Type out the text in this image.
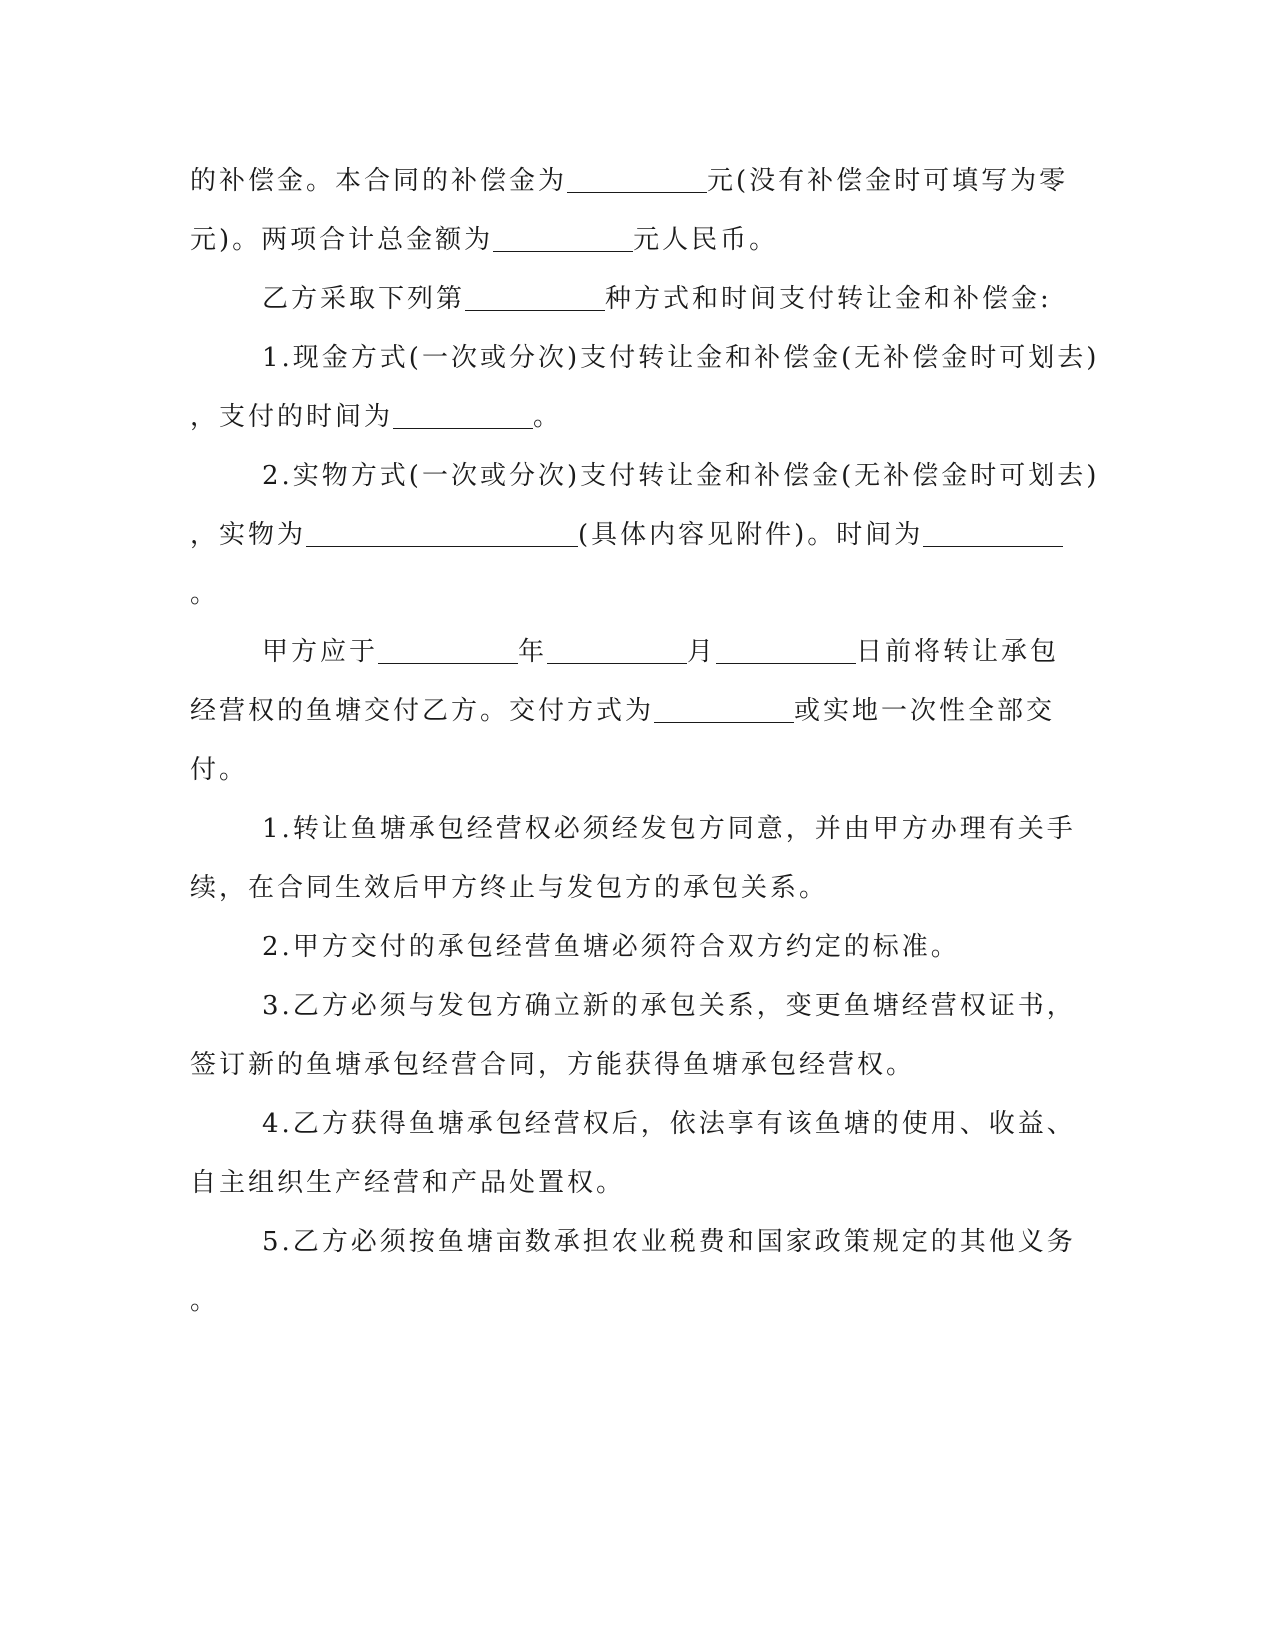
的补偿金。本合同的补偿金为	元(没有补偿金时可填写为零
元)。两项合计总金额为	元人民币。
乙方采取下列第	种方式和时间支付转让金和补偿金:
1.现金方式(一次或分次)支付转让金和补偿金(无补偿金时可划去)
，支付的时间为	。
2.实物方式(一次或分次)支付转让金和补偿金(无补偿金时可划去)
，实物为	(具体内容见附件)。时间为
。
甲方应于	年	月	日前将转让承包
经营权的鱼塘交付乙方。交付方式为	或实地一次性全部交
付。
1.转让鱼塘承包经营权必须经发包方同意，并由甲方办理有关手
续，在合同生效后甲方终止与发包方的承包关系。
2.甲方交付的承包经营鱼塘必须符合双方约定的标准。
3.乙方必须与发包方确立新的承包关系，变更鱼塘经营权证书，
签订新的鱼塘承包经营合同，方能获得鱼塘承包经营权。
4.乙方获得鱼塘承包经营权后，依法享有该鱼塘的使用、收益、
自主组织生产经营和产品处置权。
5.乙方必须按鱼塘亩数承担农业税费和国家政策规定的其他义务
。
